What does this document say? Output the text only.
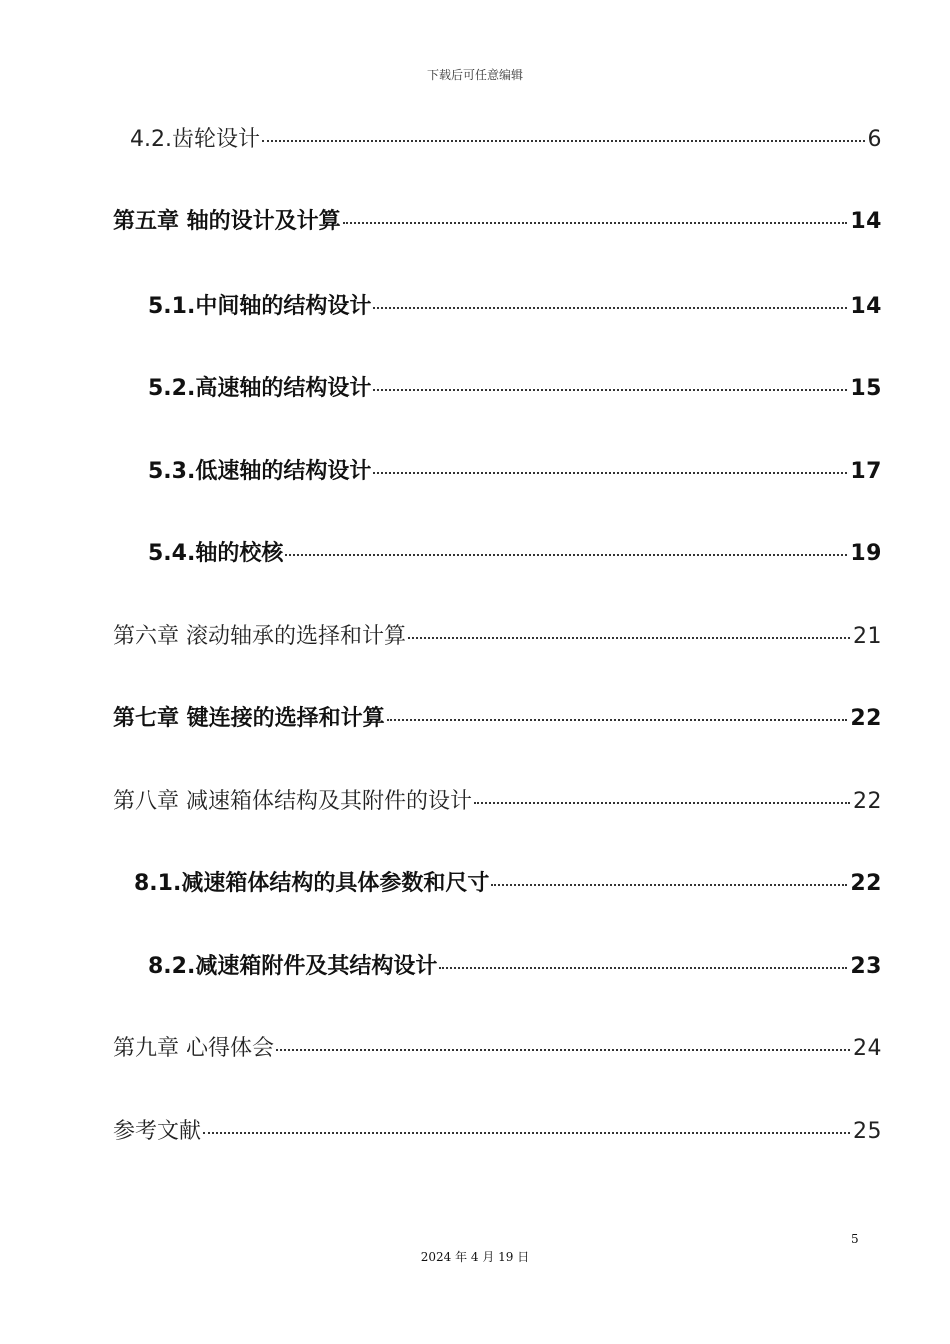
下载后可任意编辑
4.2.齿轮设计	6
第五章 轴的设计及计算	14
5.1.中间轴的结构设计	14
5.2.高速轴的结构设计	15
5.3.低速轴的结构设计	17
5.4.轴的校核	19
第六章 滚动轴承的选择和计算	21
第七章 键连接的选择和计算	22
第八章 减速箱体结构及其附件的设计	22
8.1.减速箱体结构的具体参数和尺寸	22
8.2.减速箱附件及其结构设计	23
第九章 心得体会	24
参考文献	25
5
2024 年 4 月 19 日
